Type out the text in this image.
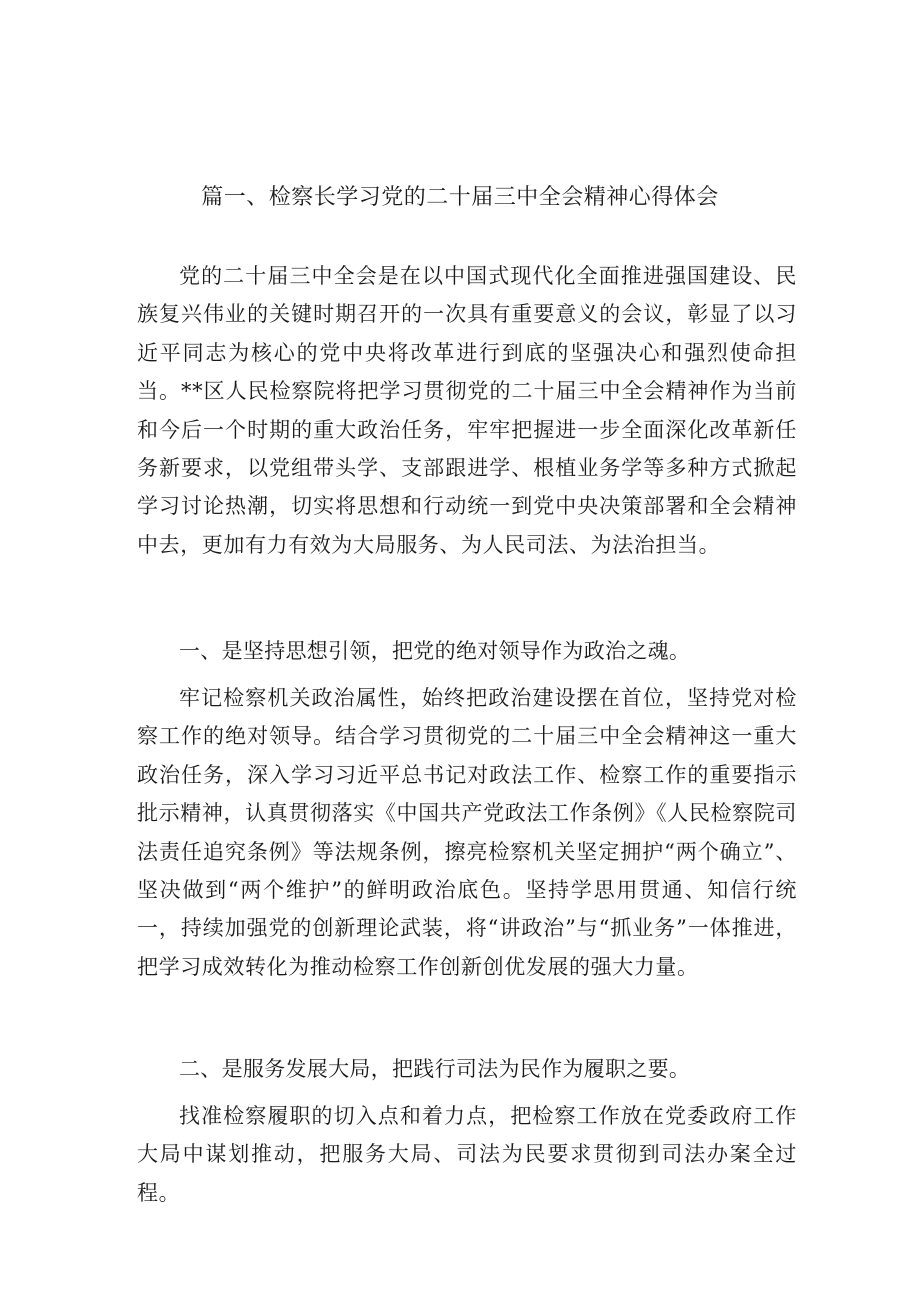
篇一、检察长学习党的二十届三中全会精神心得体会

党的二十届三中全会是在以中国式现代化全面推进强国建设、民族复兴伟业的关键时期召开的一次具有重要意义的会议，彰显了以习近平同志为核心的党中央将改革进行到底的坚强决心和强烈使命担当。**区人民检察院将把学习贯彻党的二十届三中全会精神作为当前和今后一个时期的重大政治任务，牢牢把握进一步全面深化改革新任务新要求，以党组带头学、支部跟进学、根植业务学等多种方式掀起学习讨论热潮，切实将思想和行动统一到党中央决策部署和全会精神中去，更加有力有效为大局服务、为人民司法、为法治担当。

一、是坚持思想引领，把党的绝对领导作为政治之魂。

牢记检察机关政治属性，始终把政治建设摆在首位，坚持党对检察工作的绝对领导。结合学习贯彻党的二十届三中全会精神这一重大政治任务，深入学习习近平总书记对政法工作、检察工作的重要指示批示精神，认真贯彻落实《中国共产党政法工作条例》《人民检察院司法责任追究条例》等法规条例，擦亮检察机关坚定拥护“两个确立”、坚决做到“两个维护”的鲜明政治底色。坚持学思用贯通、知信行统一，持续加强党的创新理论武装，将“讲政治”与“抓业务”一体推进，把学习成效转化为推动检察工作创新创优发展的强大力量。

二、是服务发展大局，把践行司法为民作为履职之要。

找准检察履职的切入点和着力点，把检察工作放在党委政府工作大局中谋划推动，把服务大局、司法为民要求贯彻到司法办案全过程。
